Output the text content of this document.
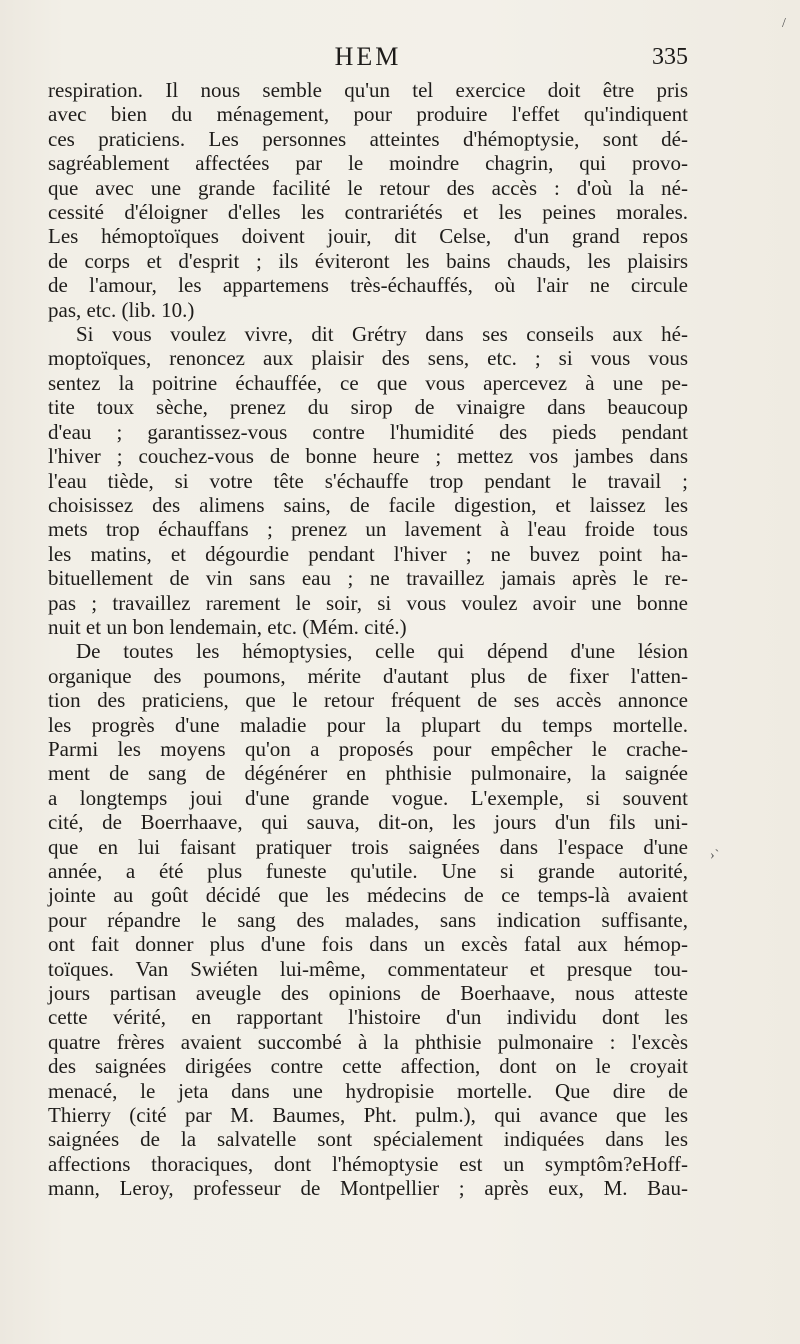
HEM	335
respiration. Il nous semble qu'un tel exercice doit être pris
avec bien du ménagement, pour produire l'effet qu'indiquent
ces praticiens. Les personnes atteintes d'hémoptysie, sont dé-
sagréablement affectées par le moindre chagrin, qui provo-
que avec une grande facilité le retour des accès : d'où la né-
cessité d'éloigner d'elles les contrariétés et les peines morales.
Les hémoptoïques doivent jouir, dit Celse, d'un grand repos
de corps et d'esprit ; ils éviteront les bains chauds, les plaisirs
de l'amour, les appartemens très-échauffés, où l'air ne circule
pas, etc. (lib. 10.)
Si vous voulez vivre, dit Grétry dans ses conseils aux hé-
moptoïques, renoncez aux plaisir des sens, etc. ; si vous vous
sentez la poitrine échauffée, ce que vous apercevez à une pe-
tite toux sèche, prenez du sirop de vinaigre dans beaucoup
d'eau ; garantissez-vous contre l'humidité des pieds pendant
l'hiver ; couchez-vous de bonne heure ; mettez vos jambes dans
l'eau tiède, si votre tête s'échauffe trop pendant le travail ;
choisissez des alimens sains, de facile digestion, et laissez les
mets trop échauffans ; prenez un lavement à l'eau froide tous
les matins, et dégourdie pendant l'hiver ; ne buvez point ha-
bituellement de vin sans eau ; ne travaillez jamais après le re-
pas ; travaillez rarement le soir, si vous voulez avoir une bonne
nuit et un bon lendemain, etc. (Mém. cité.)
De toutes les hémoptysies, celle qui dépend d'une lésion
organique des poumons, mérite d'autant plus de fixer l'atten-
tion des praticiens, que le retour fréquent de ses accès annonce
les progrès d'une maladie pour la plupart du temps mortelle.
Parmi les moyens qu'on a proposés pour empêcher le crache-
ment de sang de dégénérer en phthisie pulmonaire, la saignée
a longtemps joui d'une grande vogue. L'exemple, si souvent
cité, de Boerrhaave, qui sauva, dit-on, les jours d'un fils uni-
que en lui faisant pratiquer trois saignées dans l'espace d'une
année, a été plus funeste qu'utile. Une si grande autorité,
jointe au goût décidé que les médecins de ce temps-là avaient
pour répandre le sang des malades, sans indication suffisante,
ont fait donner plus d'une fois dans un excès fatal aux hémop-
toïques. Van Swiéten lui-même, commentateur et presque tou-
jours partisan aveugle des opinions de Boerhaave, nous atteste
cette vérité, en rapportant l'histoire d'un individu dont les
quatre frères avaient succombé à la phthisie pulmonaire : l'excès
des saignées dirigées contre cette affection, dont on le croyait
menacé, le jeta dans une hydropisie mortelle. Que dire de
Thierry (cité par M. Baumes, Pht. pulm.), qui avance que les
saignées de la salvatelle sont spécialement indiquées dans les
affections thoraciques, dont l'hémoptysie est un symptôm?eHoff-
mann, Leroy, professeur de Montpellier ; après eux, M. Bau-
/
›`
